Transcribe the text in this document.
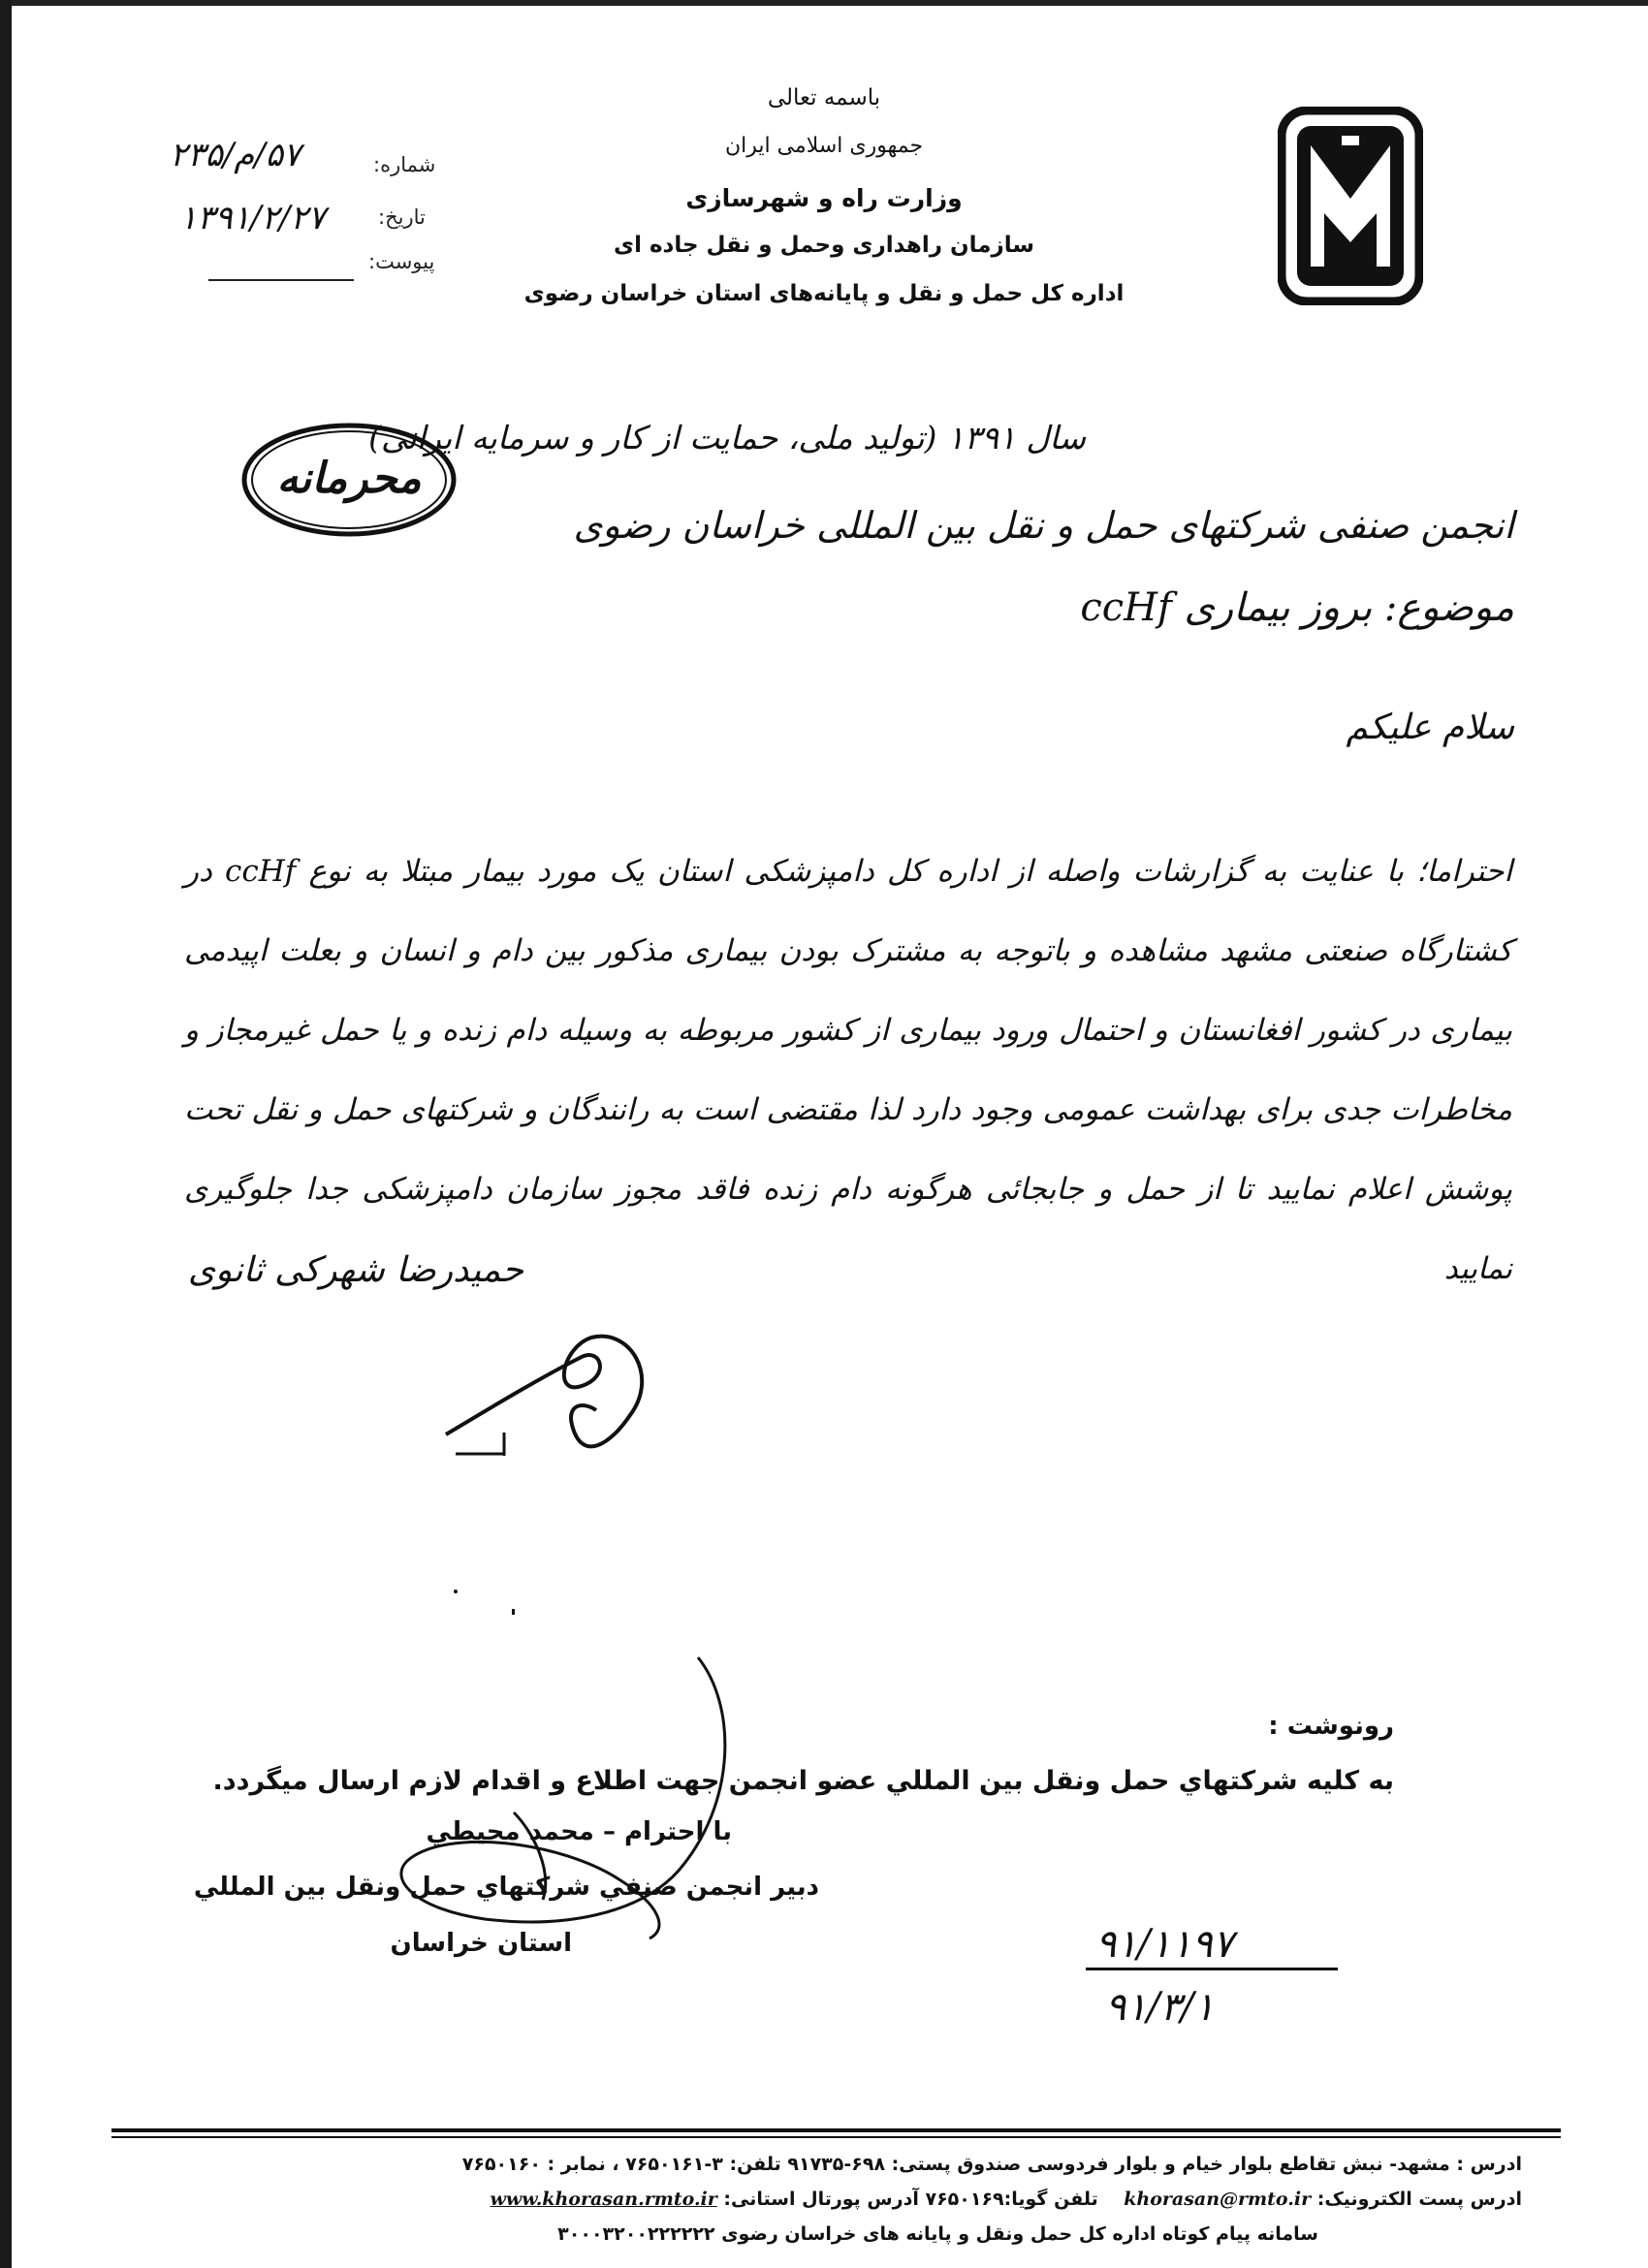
باسمه تعالی
جمهوری اسلامی ایران
وزارت راه و شهرسازی
سازمان راهداری وحمل و نقل جاده ای
اداره کل حمل و نقل و پایانه‌های استان خراسان رضوی
شماره:
۵۷/م/۲۳۵
تاریخ:
۱۳۹۱/۲/۲۷
پیوست:
محرمانه
سال ۱۳۹۱ (تولید ملی، حمایت از کار و سرمایه ایرانی)
انجمن صنفی شرکتهای حمل و نقل بین المللی خراسان رضوی
موضوع: بروز بیماری ccHf
سلام علیکم
احتراما؛ با عنایت به گزارشات واصله از اداره کل دامپزشکی استان یک مورد بیمار مبتلا به نوع ccHf در کشتارگاه صنعتی مشهد مشاهده و باتوجه به مشترک بودن بیماری مذکور بین دام و انسان و بعلت اپیدمی بیماری در کشور افغانستان و احتمال ورود بیماری از کشور مربوطه به وسیله دام زنده و یا حمل غیرمجاز و مخاطرات جدی برای بهداشت عمومی وجود دارد لذا مقتضی است به رانندگان و شرکتهای حمل و نقل تحت پوشش اعلام نمایید تا از حمل و جابجائی هرگونه دام زنده فاقد مجوز سازمان دامپزشکی جدا جلوگیری نمایید
حمیدرضا شهرکی ثانوی
رونوشت :
به كليه شركتهاي حمل ونقل بين المللي عضو انجمن جهت اطلاع و اقدام لازم ارسال ميگردد.
با احترام – محمد محيطي
دبير انجمن صنفي شركتهاي حمل ونقل بين المللي
استان خراسان	۹۱/۱۱۹۷
۹۱/۳/۱
ادرس : مشهد- نبش تقاطع بلوار خیام و بلوار فردوسی صندوق پستی: ۶۹۸-۹۱۷۳۵ تلفن: ۳-۷۶۵۰۱۶۱ ، نمابر : ۷۶۵۰۱۶۰
ادرس پست الکترونیک: khorasan@rmto.ir    تلفن گویا:۷۶۵۰۱۶۹ آدرس پورتال استانی: www.khorasan.rmto.ir
سامانه پیام کوتاه اداره کل حمل ونقل و پایانه های خراسان رضوی ۳۰۰۰۳۲۰۰۲۲۲۲۲۲
